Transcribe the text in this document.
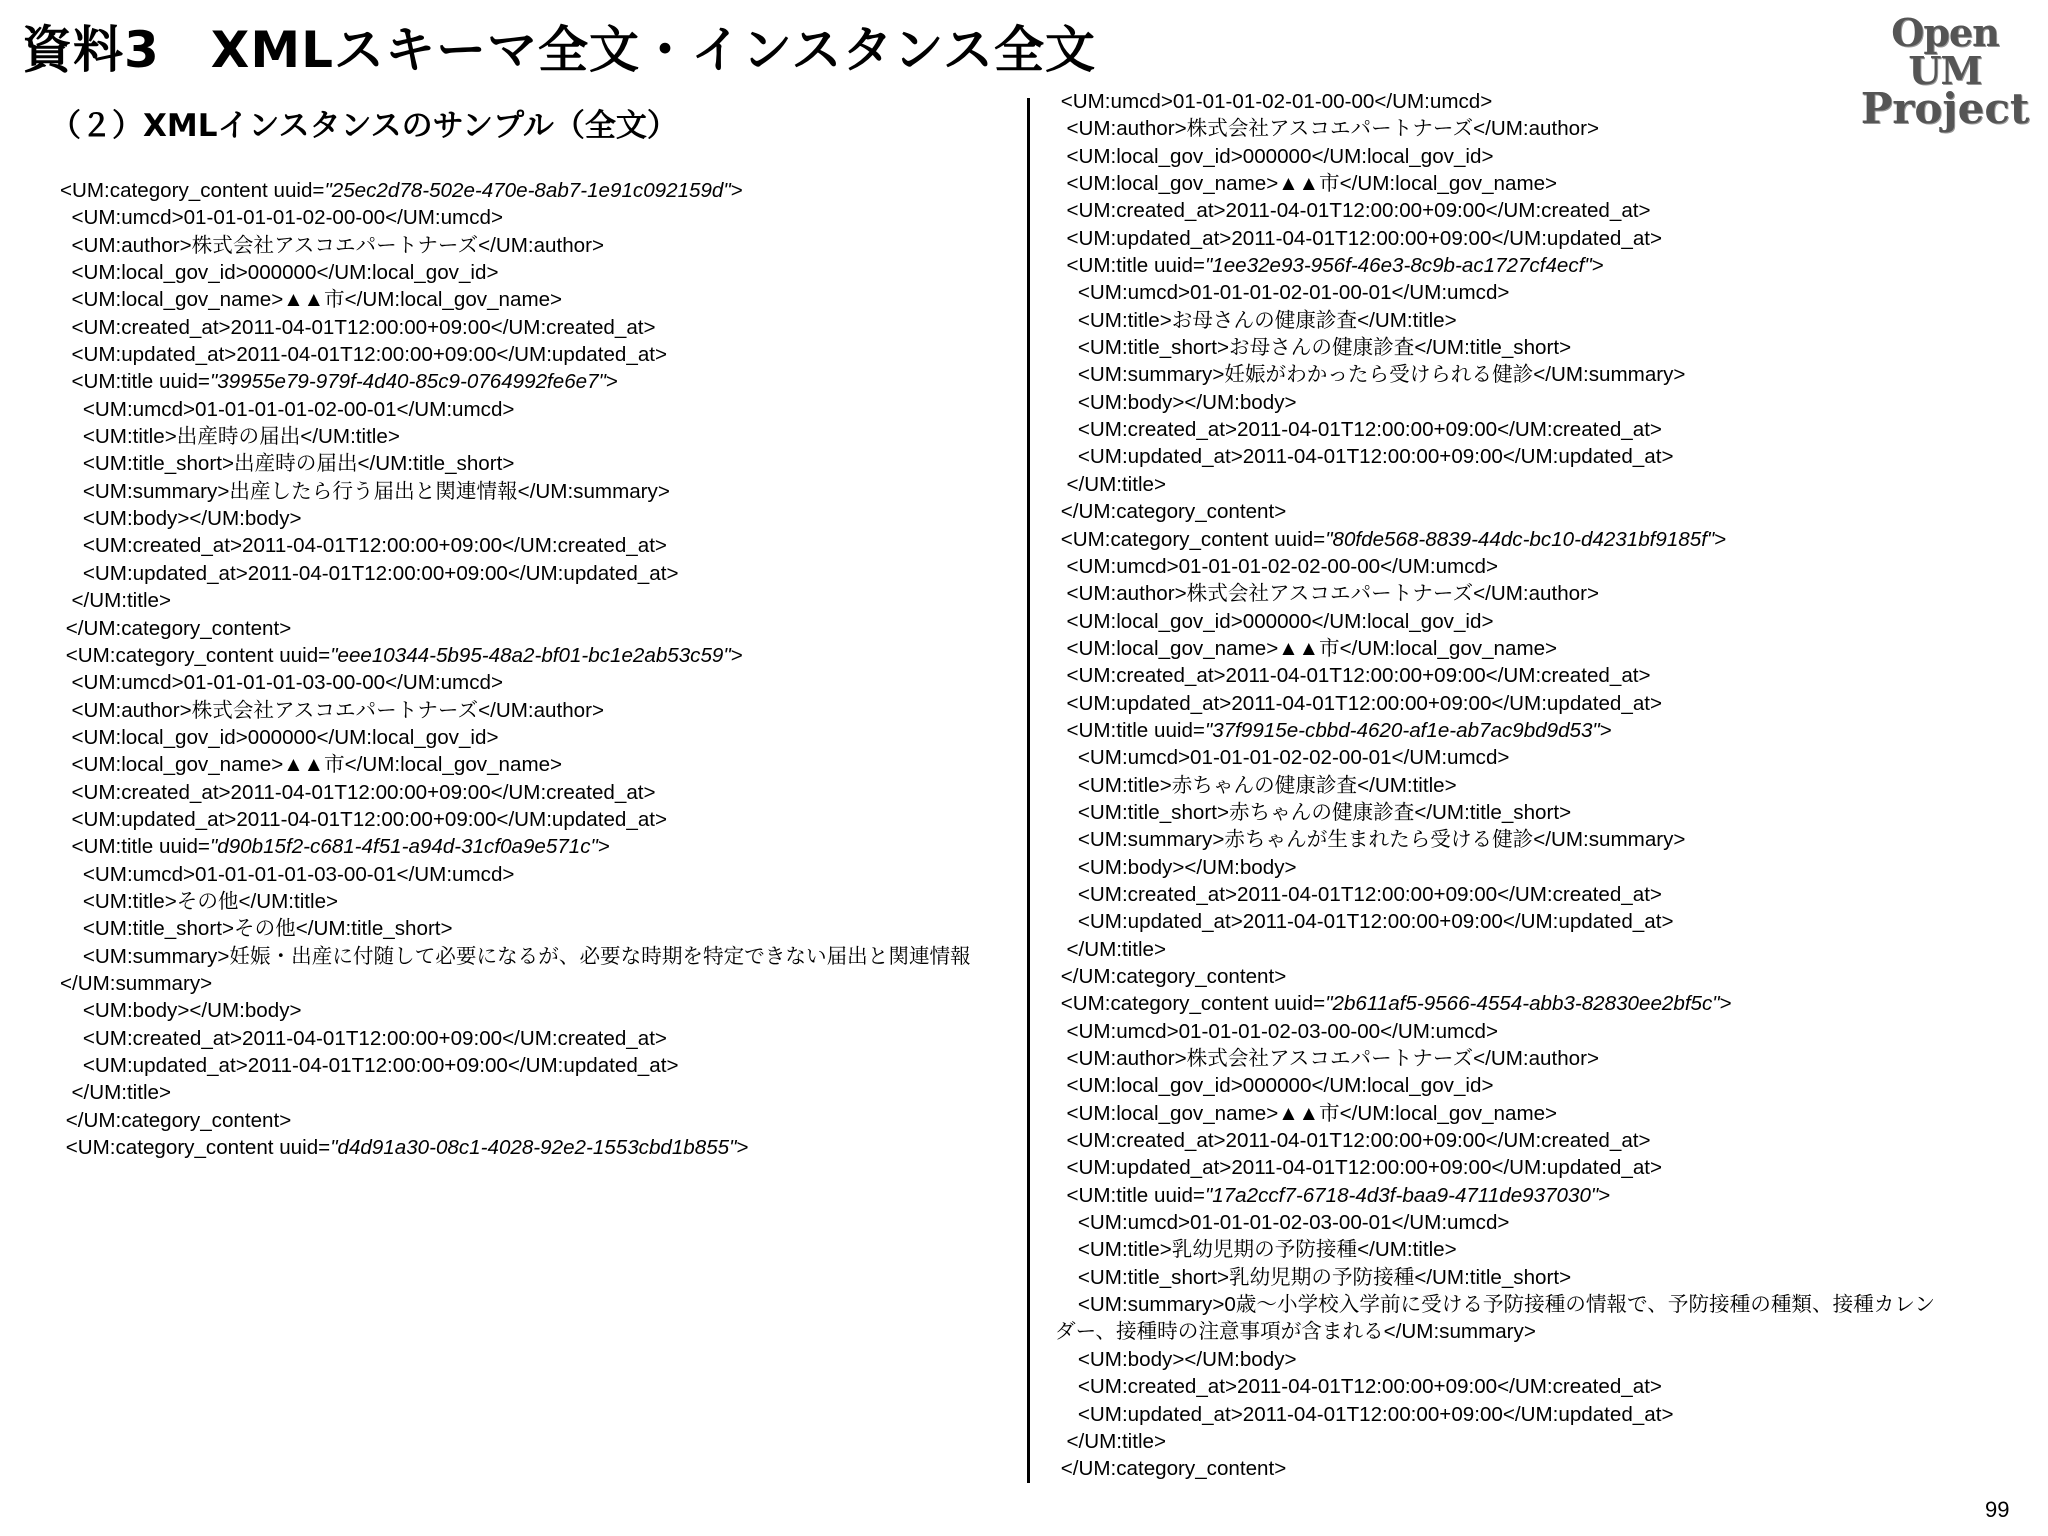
資料3　XMLスキーマ全文・インスタンス全文	Open UM
Project
（２）XMLインスタンスのサンプル（全文）
<UM:category_content uuid="25ec2d78-502e-470e-8ab7-1e91c092159d">
<UM:umcd>01-01-01-01-02-00-00</UM:umcd>
<UM:author>株式会社アスコエパートナーズ</UM:author>
<UM:local_gov_id>000000</UM:local_gov_id>
<UM:local_gov_name>▲▲市</UM:local_gov_name>
<UM:created_at>2011-04-01T12:00:00+09:00</UM:created_at>
<UM:updated_at>2011-04-01T12:00:00+09:00</UM:updated_at>
<UM:title uuid="39955e79-979f-4d40-85c9-0764992fe6e7">
<UM:umcd>01-01-01-01-02-00-01</UM:umcd>
<UM:title>出産時の届出</UM:title>
<UM:title_short>出産時の届出</UM:title_short>
<UM:summary>出産したら行う届出と関連情報</UM:summary>
<UM:body></UM:body>
<UM:created_at>2011-04-01T12:00:00+09:00</UM:created_at>
<UM:updated_at>2011-04-01T12:00:00+09:00</UM:updated_at>
</UM:title>
</UM:category_content>
<UM:category_content uuid="eee10344-5b95-48a2-bf01-bc1e2ab53c59">
<UM:umcd>01-01-01-01-03-00-00</UM:umcd>
<UM:author>株式会社アスコエパートナーズ</UM:author>
<UM:local_gov_id>000000</UM:local_gov_id>
<UM:local_gov_name>▲▲市</UM:local_gov_name>
<UM:created_at>2011-04-01T12:00:00+09:00</UM:created_at>
<UM:updated_at>2011-04-01T12:00:00+09:00</UM:updated_at>
<UM:title uuid="d90b15f2-c681-4f51-a94d-31cf0a9e571c">
<UM:umcd>01-01-01-01-03-00-01</UM:umcd>
<UM:title>その他</UM:title>
<UM:title_short>その他</UM:title_short>
<UM:summary>妊娠・出産に付随して必要になるが、必要な時期を特定できない届出と関連情報
</UM:summary>
<UM:body></UM:body>
<UM:created_at>2011-04-01T12:00:00+09:00</UM:created_at>
<UM:updated_at>2011-04-01T12:00:00+09:00</UM:updated_at>
</UM:title>
</UM:category_content>
<UM:category_content uuid="d4d91a30-08c1-4028-92e2-1553cbd1b855">
<UM:umcd>01-01-01-02-01-00-00</UM:umcd>
<UM:author>株式会社アスコエパートナーズ</UM:author>
<UM:local_gov_id>000000</UM:local_gov_id>
<UM:local_gov_name>▲▲市</UM:local_gov_name>
<UM:created_at>2011-04-01T12:00:00+09:00</UM:created_at>
<UM:updated_at>2011-04-01T12:00:00+09:00</UM:updated_at>
<UM:title uuid="1ee32e93-956f-46e3-8c9b-ac1727cf4ecf">
<UM:umcd>01-01-01-02-01-00-01</UM:umcd>
<UM:title>お母さんの健康診査</UM:title>
<UM:title_short>お母さんの健康診査</UM:title_short>
<UM:summary>妊娠がわかったら受けられる健診</UM:summary>
<UM:body></UM:body>
<UM:created_at>2011-04-01T12:00:00+09:00</UM:created_at>
<UM:updated_at>2011-04-01T12:00:00+09:00</UM:updated_at>
</UM:title>
</UM:category_content>
<UM:category_content uuid="80fde568-8839-44dc-bc10-d4231bf9185f">
<UM:umcd>01-01-01-02-02-00-00</UM:umcd>
<UM:author>株式会社アスコエパートナーズ</UM:author>
<UM:local_gov_id>000000</UM:local_gov_id>
<UM:local_gov_name>▲▲市</UM:local_gov_name>
<UM:created_at>2011-04-01T12:00:00+09:00</UM:created_at>
<UM:updated_at>2011-04-01T12:00:00+09:00</UM:updated_at>
<UM:title uuid="37f9915e-cbbd-4620-af1e-ab7ac9bd9d53">
<UM:umcd>01-01-01-02-02-00-01</UM:umcd>
<UM:title>赤ちゃんの健康診査</UM:title>
<UM:title_short>赤ちゃんの健康診査</UM:title_short>
<UM:summary>赤ちゃんが生まれたら受ける健診</UM:summary>
<UM:body></UM:body>
<UM:created_at>2011-04-01T12:00:00+09:00</UM:created_at>
<UM:updated_at>2011-04-01T12:00:00+09:00</UM:updated_at>
</UM:title>
</UM:category_content>
<UM:category_content uuid="2b611af5-9566-4554-abb3-82830ee2bf5c">
<UM:umcd>01-01-01-02-03-00-00</UM:umcd>
<UM:author>株式会社アスコエパートナーズ</UM:author>
<UM:local_gov_id>000000</UM:local_gov_id>
<UM:local_gov_name>▲▲市</UM:local_gov_name>
<UM:created_at>2011-04-01T12:00:00+09:00</UM:created_at>
<UM:updated_at>2011-04-01T12:00:00+09:00</UM:updated_at>
<UM:title uuid="17a2ccf7-6718-4d3f-baa9-4711de937030">
<UM:umcd>01-01-01-02-03-00-01</UM:umcd>
<UM:title>乳幼児期の予防接種</UM:title>
<UM:title_short>乳幼児期の予防接種</UM:title_short>
<UM:summary>0歳～小学校入学前に受ける予防接種の情報で、予防接種の種類、接種カレン
ダー、接種時の注意事項が含まれる</UM:summary>
<UM:body></UM:body>
<UM:created_at>2011-04-01T12:00:00+09:00</UM:created_at>
<UM:updated_at>2011-04-01T12:00:00+09:00</UM:updated_at>
</UM:title>
</UM:category_content>
99
